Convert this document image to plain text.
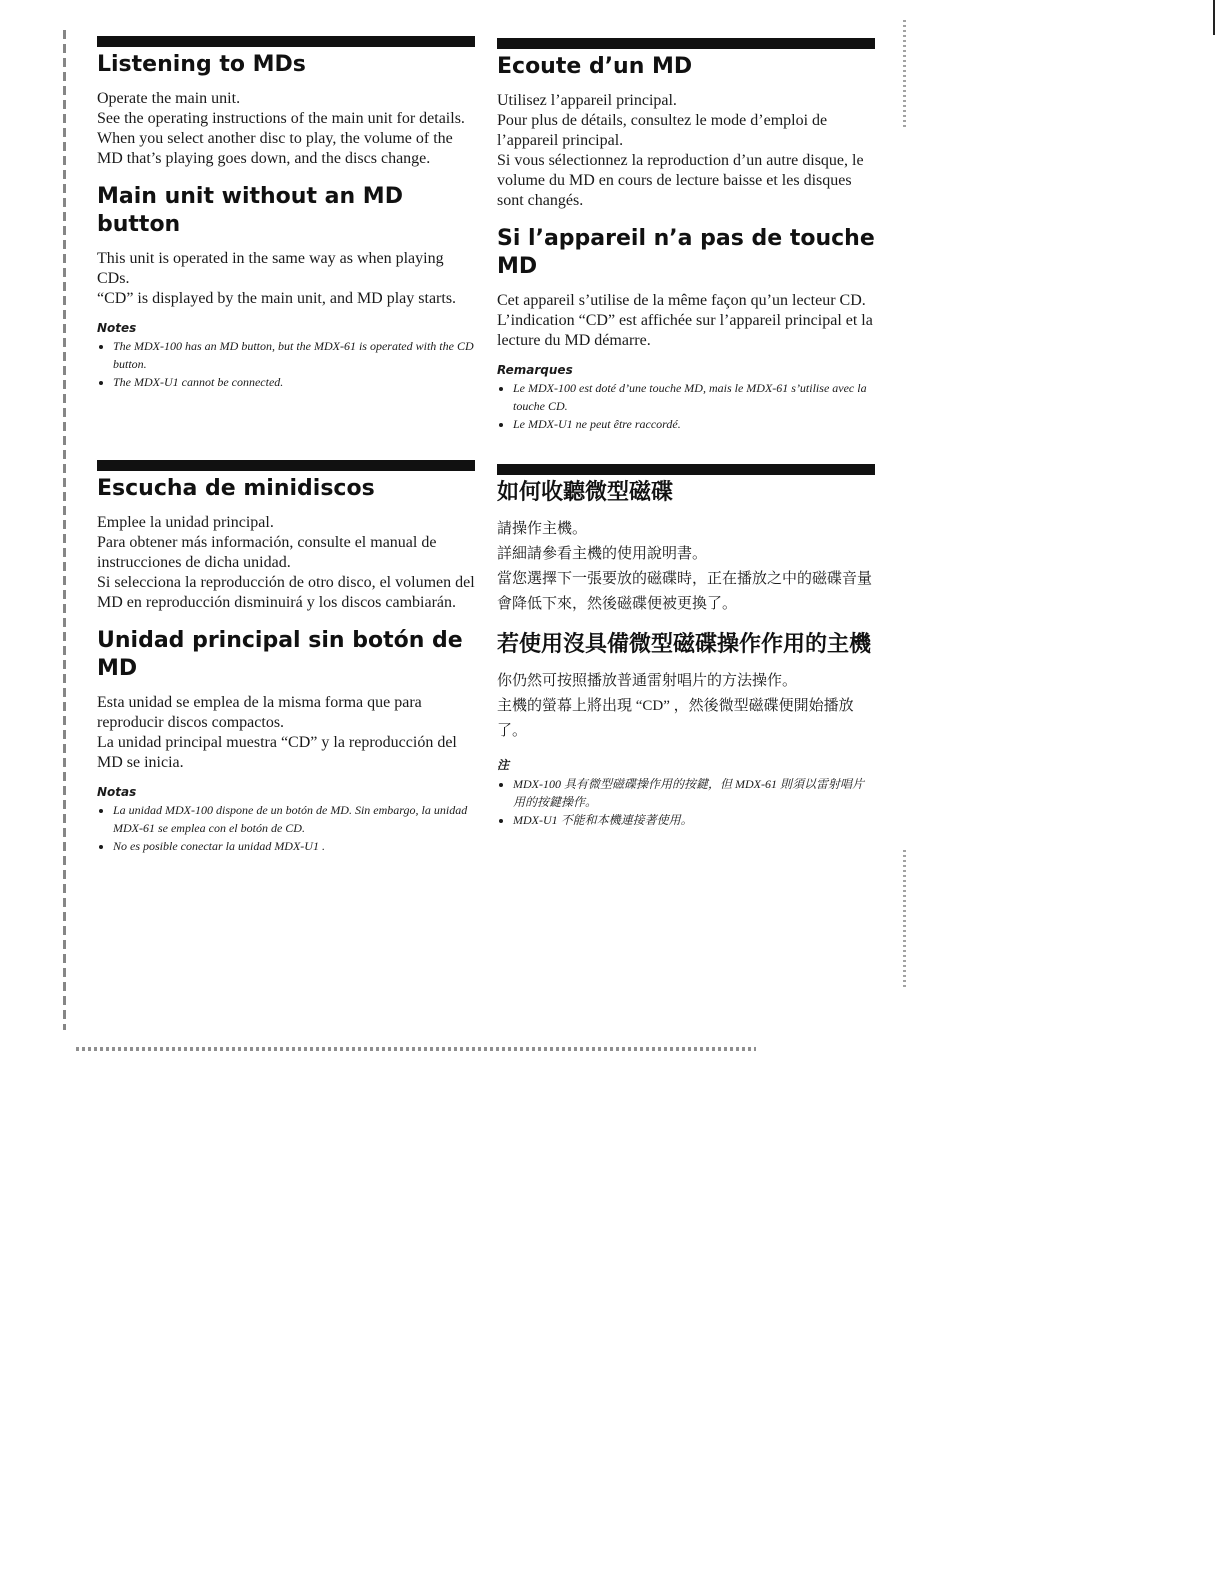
Listening to MDs

Operate the main unit.

See the operating instructions of the main unit for details.

When you select another disc to play, the volume of the MD that’s playing goes down, and the discs change.

Main unit without an MD button

This unit is operated in the same way as when playing CDs.

“CD” is displayed by the main unit, and MD play starts.

Notes
• The MDX-100 has an MD button, but the MDX-61 is operated with the CD button.
• The MDX-U1 cannot be connected.
Ecoute d’un MD

Utilisez l’appareil principal.

Pour plus de détails, consultez le mode d’emploi de l’appareil principal.

Si vous sélectionnez la reproduction d’un autre disque, le volume du MD en cours de lecture baisse et les disques sont changés.

Si l’appareil n’a pas de touche MD

Cet appareil s’utilise de la même façon qu’un lecteur CD.

L’indication “CD” est affichée sur l’appareil principal et la lecture du MD démarre.

Remarques
• Le MDX-100 est doté d’une touche MD, mais le MDX-61 s’utilise avec la touche CD.
• Le MDX-U1 ne peut être raccordé.
Escucha de minidiscos

Emplee la unidad principal.

Para obtener más información, consulte el manual de instrucciones de dicha unidad.

Si selecciona la reproducción de otro disco, el volumen del MD en reproducción disminuirá y los discos cambiarán.

Unidad principal sin botón de MD

Esta unidad se emplea de la misma forma que para reproducir discos compactos.

La unidad principal muestra “CD” y la reproducción del MD se inicia.

Notas
• La unidad MDX-100 dispone de un botón de MD. Sin embargo, la unidad MDX-61 se emplea con el botón de CD.
• No es posible conectar la unidad MDX-U1 .
如何收聽微型磁碟

請操作主機。

詳細請參看主機的使用說明書。

當您選擇下一張要放的磁碟時，正在播放之中的磁碟音量會降低下來，然後磁碟便被更換了。

若使用沒具備微型磁碟操作作用的主機

你仍然可按照播放普通雷射唱片的方法操作。

主機的螢幕上將出現 “CD” ，然後微型磁碟便開始播放了。

注
• MDX-100 具有微型磁碟操作用的按鍵，但 MDX-61 則須以雷射唱片用的按鍵操作。
• MDX-U1 不能和本機連接著使用。
